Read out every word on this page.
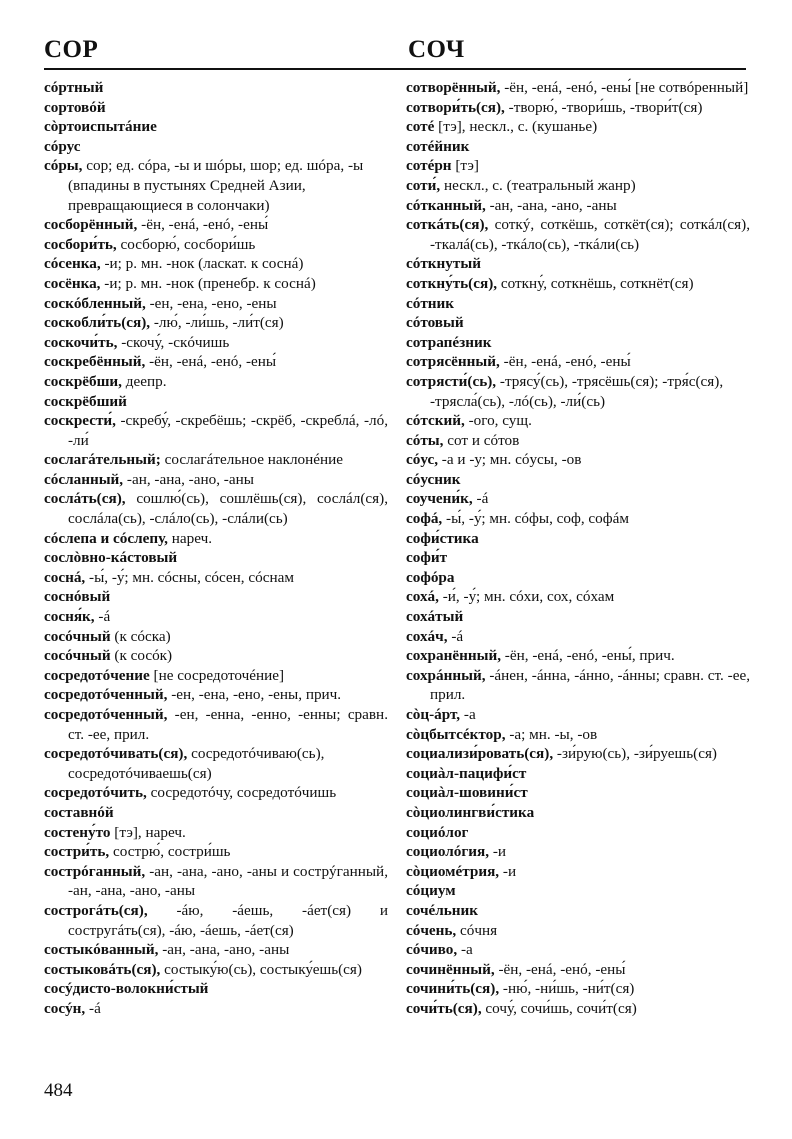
СОР	СОЧ
сóртный
сортовóй
сòртоиспытáние
сóрус
сóры, сор; ед. сóра, -ы и шóры, шор; ед. шóра, -ы (впадины в пустынях Средней Азии, превращающиеся в солончаки)
сосборённый, -ён, -енá, -енó, -ены́
сосбори́ть, сосборю́, сосбори́шь
сóсенка, -и; р. мн. -нок (ласкат. к соснá)
сосёнка, -и; р. мн. -нок (пренебр. к соснá)
соскóбленный, -ен, -ена, -ено, -ены
соскобли́ть(ся), -лю́, -ли́шь, -ли́т(ся)
соскочи́ть, -скочу́, -скóчишь
соскребённый, -ён, -енá, -енó, -ены́
соскрёбши, деепр.
соскрёбший
соскрести́, -скребу́, -скребёшь; -скрёб, -скреблá, -лó, -ли́
сослагáтельный; сослагáтельное наклонéние
сóсланный, -ан, -ана, -ано, -аны
сослáть(ся), сошлю́(сь), сошлёшь(ся), cослáл(ся), сослáла(сь), -слáло(сь), -слáли(сь)
сóслепа и сóслепу, нареч.
сослòвно-кáстовый
соснá, -ы́, -у́; мн. сóсны, сóсен, сóснам
соснóвый
сосня́к, -á
сосóчный (к сóска)
сосóчный (к сосóк)
сосредотóчение [не сосредоточéние]
сосредотóченный, -ен, -ена, -ено, -ены, прич.
сосредотóченный, -ен, -енна, -енно, -енны; сравн. ст. -ее, прил.
сосредотóчивать(ся), сосредотóчиваю(сь), сосредотóчиваешь(ся)
сосредотóчить, сосредотóчу, сосредотóчишь
составнóй
состену́то [тэ], нареч.
состри́ть, сострю́, состри́шь
сострóгaнный, -ан, -ана, -ано, -аны и сострýганный, -ан, -ана, -ано, -аны
сострогáть(ся), -áю, -áешь, -áет(ся) и состругáть(ся), -áю, -áешь, -áет(ся)
состыкóванный, -ан, -ана, -ано, -аны
состыковáть(ся), состыку́ю(сь), состыку́ешь(ся)
сосýдисто-волокни́стый
сосýн, -á
сотворённый, -ён, -енá, -енó, -ены́ [не сотвóренный]
сотвори́ть(ся), -творю́, -твори́шь, -твори́т(ся)
сотé [тэ], нескл., с. (кушанье)
сотéйник
сотéрн [тэ]
соти́, нескл., с. (театральный жанр)
сóтканный, -ан, -ана, -ано, -аны
соткáть(ся), соткý, соткёшь, соткёт(ся); соткáл(ся), -ткалá(сь), -ткáло(сь), -ткáли(сь)
сóткнутый
соткну́ть(ся), соткну́, соткнёшь, соткнёт(ся)
сóтник
сóтовый
сотрапéзник
сотрясённый, -ён, -енá, -енó, -ены́
сотрясти́(сь), -трясу́(сь), -трясёшь(ся); -тря́с(ся), -трясла́(сь), -лó(сь), -ли́(сь)
сóтский, -ого, сущ.
сóты, сот и сóтов
сóус, -а и -у; мн. сóусы, -ов
сóусник
соучени́к, -á
софá, -ы́, -у́; мн. сóфы, соф, софáм
софи́стика
софи́т
софóра
сохá, -и́, -у́; мн. сóхи, сох, сóхам
сохáтый
сохáч, -á
сохранённый, -ён, -енá, -енó, -ены́, прич.
сохрáнный, -áнен, -áнна, -áнно, -áнны; сравн. ст. -ее, прил.
сòц-áрт, -а
сòцбытсéктор, -а; мн. -ы, -ов
социализи́ровать(ся), -зи́рую(сь), -зи́руешь(ся)
социàл-пацифи́ст
социàл-шовини́ст
сòциолингви́стика
социóлог
социолóгия, -и
сòциомéтрия, -и
сóциум
сочéльник
сóчень, сóчня
сóчиво, -а
сочинённый, -ён, -енá, -енó, -ены́
сочини́ть(ся), -ню́, -ни́шь, -ни́т(ся)
сочи́ть(ся), сочу́, сочи́шь, сочи́т(ся)
484
